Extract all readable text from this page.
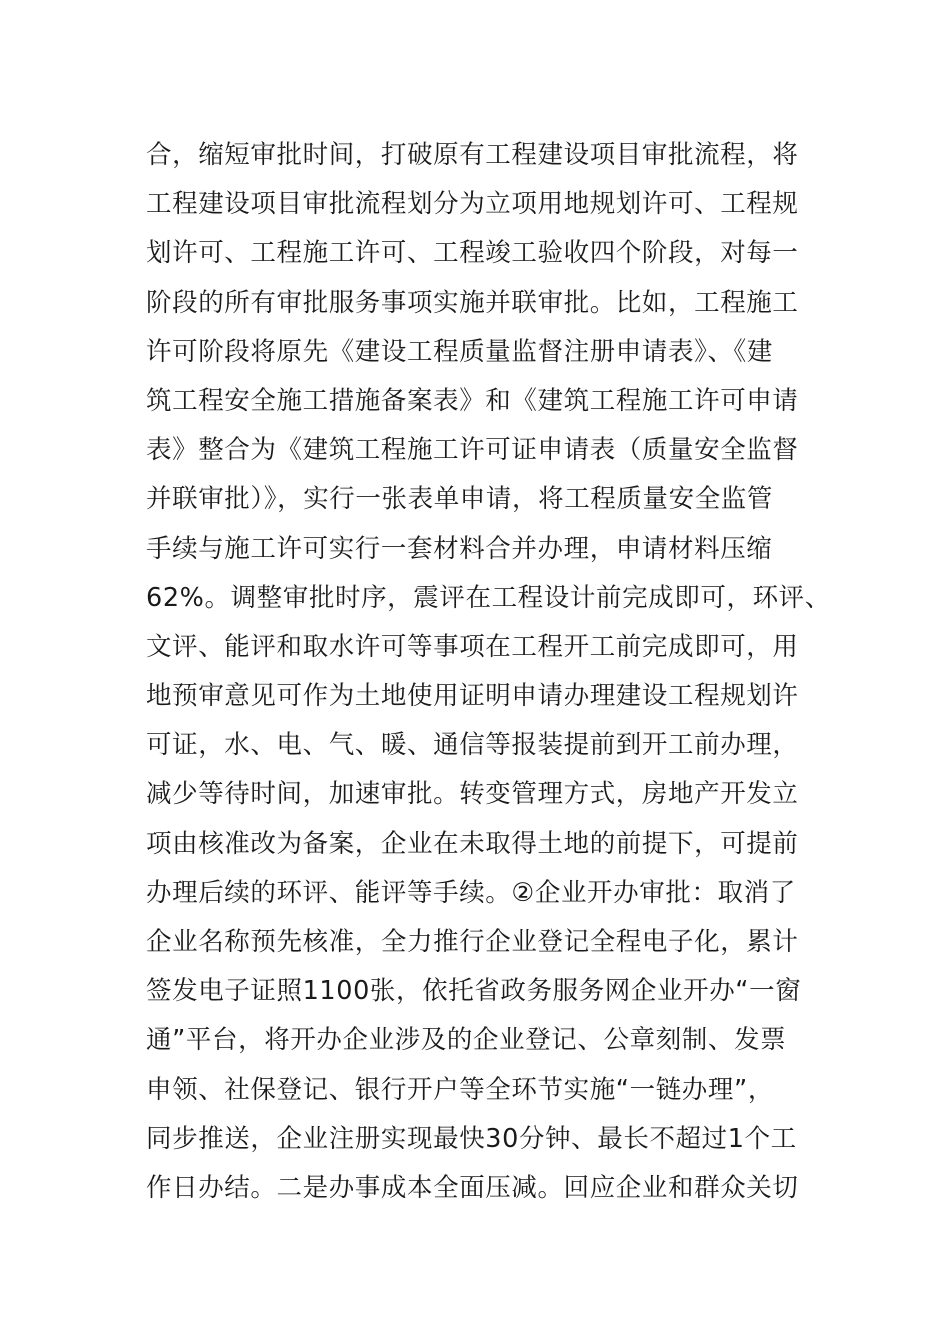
合，缩短审批时间，打破原有工程建设项目审批流程，将
工程建设项目审批流程划分为立项用地规划许可、工程规
划许可、工程施工许可、工程竣工验收四个阶段，对每一
阶段的所有审批服务事项实施并联审批。比如，工程施工
许可阶段将原先《建设工程质量监督注册申请表》、《建
筑工程安全施工措施备案表》和《建筑工程施工许可申请
表》整合为《建筑工程施工许可证申请表（质量安全监督
并联审批）》，实行一张表单申请，将工程质量安全监管
手续与施工许可实行一套材料合并办理，申请材料压缩
62%。调整审批时序，震评在工程设计前完成即可，环评、
文评、能评和取水许可等事项在工程开工前完成即可，用
地预审意见可作为土地使用证明申请办理建设工程规划许
可证，水、电、气、暖、通信等报装提前到开工前办理，
减少等待时间，加速审批。转变管理方式，房地产开发立
项由核准改为备案，企业在未取得土地的前提下，可提前
办理后续的环评、能评等手续。②企业开办审批：取消了
企业名称预先核准，全力推行企业登记全程电子化，累计
签发电子证照1100张，依托省政务服务网企业开办“一窗
通”平台，将开办企业涉及的企业登记、公章刻制、发票
申领、社保登记、银行开户等全环节实施“一链办理”，
同步推送，企业注册实现最快30分钟、最长不超过1个工
作日办结。二是办事成本全面压减。回应企业和群众关切
